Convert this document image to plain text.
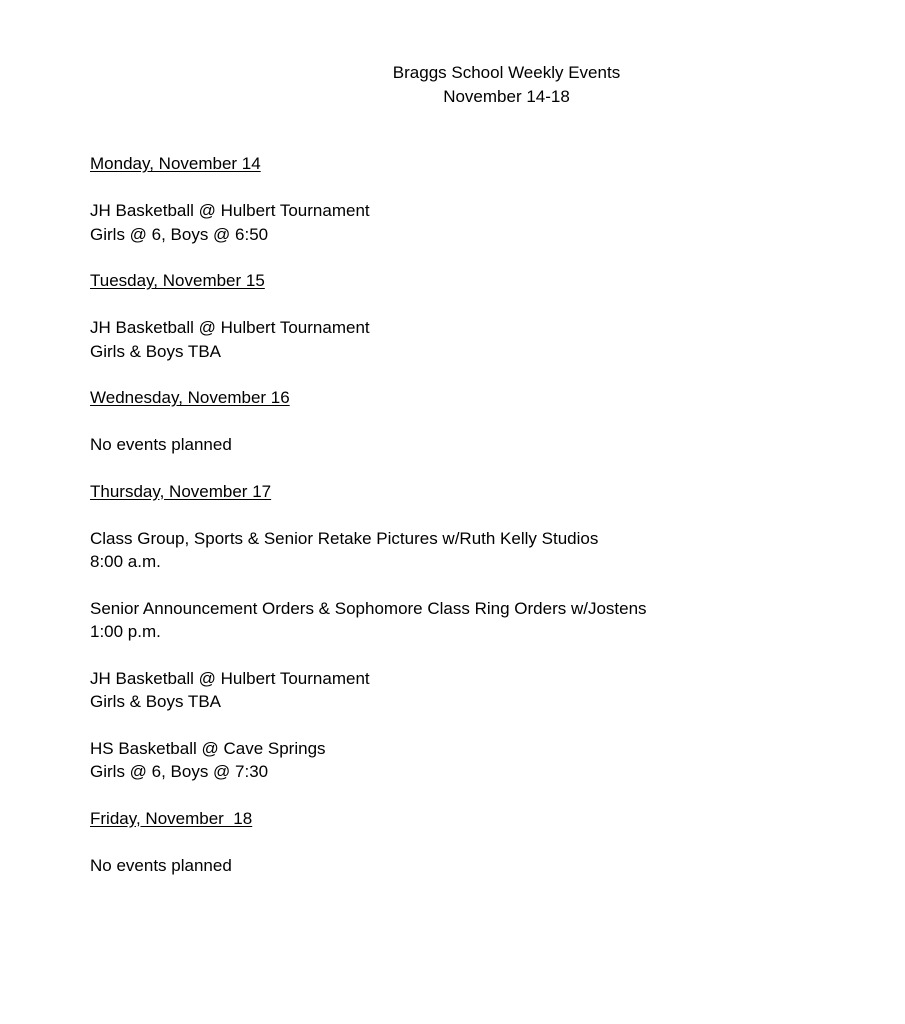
Braggs School Weekly Events
November 14-18
Monday, November 14
JH Basketball @ Hulbert Tournament
Girls @ 6, Boys @ 6:50
Tuesday, November 15
JH Basketball @ Hulbert Tournament
Girls & Boys TBA
Wednesday, November 16
No events planned
Thursday, November 17
Class Group, Sports & Senior Retake Pictures w/Ruth Kelly Studios
8:00 a.m.
Senior Announcement Orders & Sophomore Class Ring Orders w/Jostens
1:00 p.m.
JH Basketball @ Hulbert Tournament
Girls & Boys TBA
HS Basketball @ Cave Springs
Girls @ 6, Boys @ 7:30
Friday, November  18
No events planned
